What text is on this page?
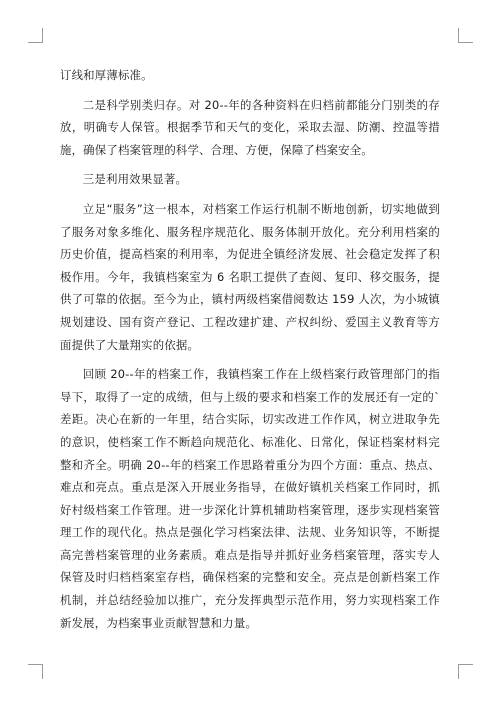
订线和厚薄标准。

二是科学别类归存。对 20--年的各种资料在归档前都能分门别类的存放，明确专人保管。根据季节和天气的变化，采取去湿、防潮、控温等措施，确保了档案管理的科学、合理、方便，保障了档案安全。

三是利用效果显著。

立足“服务”这一根本，对档案工作运行机制不断地创新，切实地做到了服务对象多维化、服务程序规范化、服务体制开放化。充分利用档案的历史价值，提高档案的利用率，为促进全镇经济发展、社会稳定发挥了积极作用。今年，我镇档案室为 6 名职工提供了查阅、复印、移交服务，提供了可靠的依据。至今为止，镇村两级档案借阅数达 159 人次，为小城镇规划建设、国有资产登记、工程改建扩建、产权纠纷、爱国主义教育等方面提供了大量翔实的依据。

回顾 20--年的档案工作，我镇档案工作在上级档案行政管理部门的指导下，取得了一定的成绩，但与上级的要求和档案工作的发展还有一定的`差距。决心在新的一年里，结合实际，切实改进工作作风，树立进取争先的意识，使档案工作不断趋向规范化、标准化、日常化，保证档案材料完整和齐全。明确 20--年的档案工作思路着重分为四个方面：重点、热点、难点和亮点。重点是深入开展业务指导，在做好镇机关档案工作同时，抓好村级档案工作管理。进一步深化计算机辅助档案管理，逐步实现档案管理工作的现代化。热点是强化学习档案法律、法规、业务知识等，不断提高完善档案管理的业务素质。难点是指导并抓好业务档案管理，落实专人保管及时归档档案室存档，确保档案的完整和安全。亮点是创新档案工作机制，并总结经验加以推广，充分发挥典型示范作用，努力实现档案工作新发展，为档案事业贡献智慧和力量。
